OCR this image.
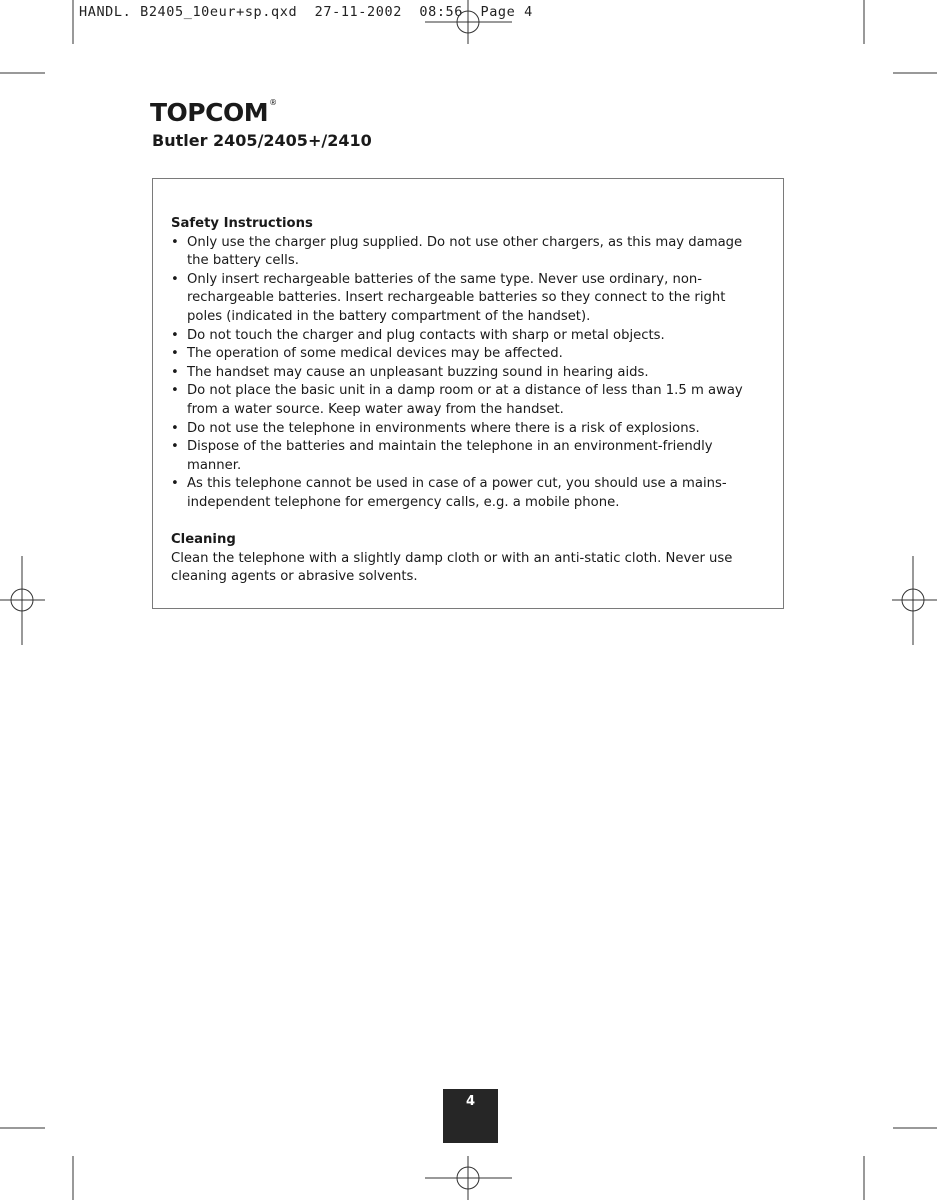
HANDL. B2405_10eur+sp.qxd  27-11-2002  08:56  Page 4
TOPCOM®
Butler 2405/2405+/2410
Safety Instructions
• Only use the charger plug supplied. Do not use other chargers, as this may damage the battery cells.
• Only insert rechargeable batteries of the same type. Never use ordinary, non-rechargeable batteries. Insert rechargeable batteries so they connect to the right poles (indicated in the battery compartment of the handset).
• Do not touch the charger and plug contacts with sharp or metal objects.
• The operation of some medical devices may be affected.
• The handset may cause an unpleasant buzzing sound in hearing aids.
• Do not place the basic unit in a damp room or at a distance of less than 1.5 m away from a water source. Keep water away from the handset.
• Do not use the telephone in environments where there is a risk of explosions.
• Dispose of the batteries and maintain the telephone in an environment-friendly manner.
• As this telephone cannot be used in case of a power cut, you should use a mains-independent telephone for emergency calls, e.g. a mobile phone.
Cleaning
Clean the telephone with a slightly damp cloth or with an anti-static cloth. Never use cleaning agents or abrasive solvents.
4
